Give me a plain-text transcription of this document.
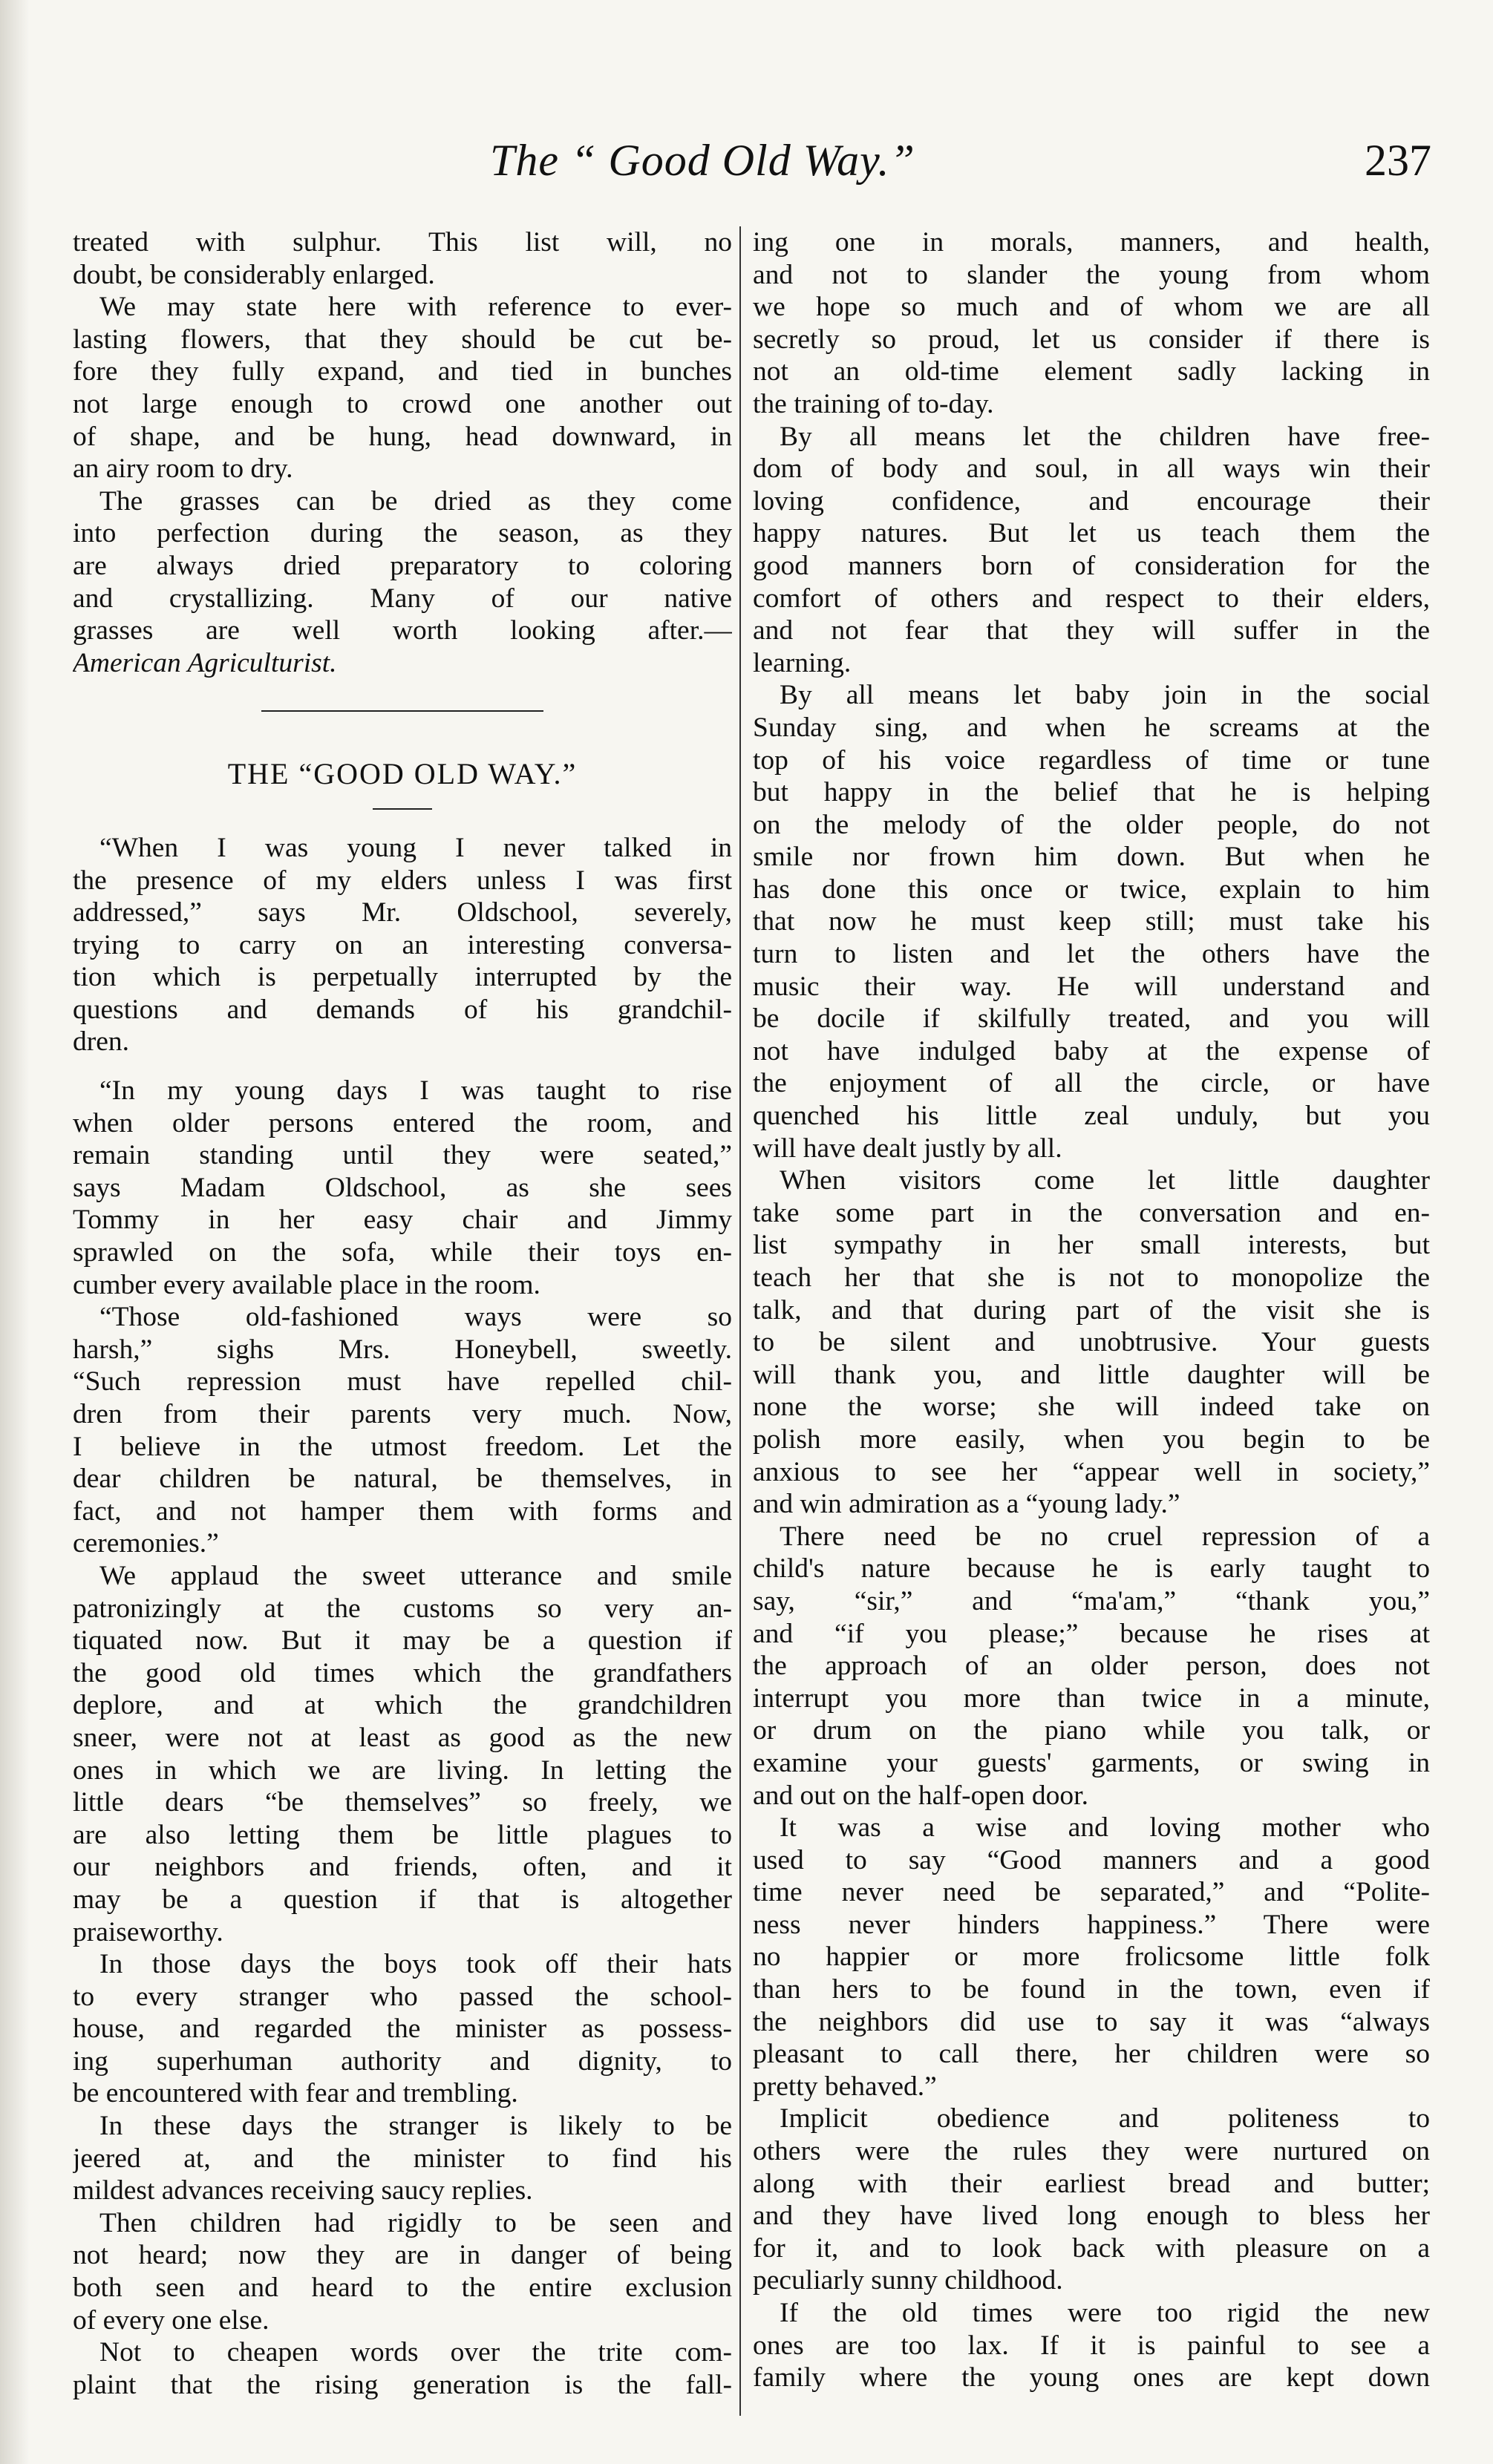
The “ Good Old Way.”	237
treated with sulphur. This list will, no
doubt, be considerably enlarged.
We may state here with reference to ever-
lasting flowers, that they should be cut be-
fore they fully expand, and tied in bunches
not large enough to crowd one another out
of shape, and be hung, head downward, in
an airy room to dry.
The grasses can be dried as they come
into perfection during the season, as they
are always dried preparatory to coloring
and crystallizing. Many of our native
grasses are well worth looking after.—
American Agriculturist.
THE “GOOD OLD WAY.”
“When I was young I never talked in
the presence of my elders unless I was first
addressed,” says Mr. Oldschool, severely,
trying to carry on an interesting conversa-
tion which is perpetually interrupted by the
questions and demands of his grandchil-
dren.
“In my young days I was taught to rise
when older persons entered the room, and
remain standing until they were seated,”
says Madam Oldschool, as she sees
Tommy in her easy chair and Jimmy
sprawled on the sofa, while their toys en-
cumber every available place in the room.
“Those old-fashioned ways were so
harsh,” sighs Mrs. Honeybell, sweetly.
“Such repression must have repelled chil-
dren from their parents very much. Now,
I believe in the utmost freedom. Let the
dear children be natural, be themselves, in
fact, and not hamper them with forms and
ceremonies.”
We applaud the sweet utterance and smile
patronizingly at the customs so very an-
tiquated now. But it may be a question if
the good old times which the grandfathers
deplore, and at which the grandchildren
sneer, were not at least as good as the new
ones in which we are living. In letting the
little dears “be themselves” so freely, we
are also letting them be little plagues to
our neighbors and friends, often, and it
may be a question if that is altogether
praiseworthy.
In those days the boys took off their hats
to every stranger who passed the school-
house, and regarded the minister as possess-
ing superhuman authority and dignity, to
be encountered with fear and trembling.
In these days the stranger is likely to be
jeered at, and the minister to find his
mildest advances receiving saucy replies.
Then children had rigidly to be seen and
not heard; now they are in danger of being
both seen and heard to the entire exclusion
of every one else.
Not to cheapen words over the trite com-
plaint that the rising generation is the fall-
ing one in morals, manners, and health,
and not to slander the young from whom
we hope so much and of whom we are all
secretly so proud, let us consider if there is
not an old-time element sadly lacking in
the training of to-day.
By all means let the children have free-
dom of body and soul, in all ways win their
loving confidence, and encourage their
happy natures. But let us teach them the
good manners born of consideration for the
comfort of others and respect to their elders,
and not fear that they will suffer in the
learning.
By all means let baby join in the social
Sunday sing, and when he screams at the
top of his voice regardless of time or tune
but happy in the belief that he is helping
on the melody of the older people, do not
smile nor frown him down. But when he
has done this once or twice, explain to him
that now he must keep still; must take his
turn to listen and let the others have the
music their way. He will understand and
be docile if skilfully treated, and you will
not have indulged baby at the expense of
the enjoyment of all the circle, or have
quenched his little zeal unduly, but you
will have dealt justly by all.
When visitors come let little daughter
take some part in the conversation and en-
list sympathy in her small interests, but
teach her that she is not to monopolize the
talk, and that during part of the visit she is
to be silent and unobtrusive. Your guests
will thank you, and little daughter will be
none the worse; she will indeed take on
polish more easily, when you begin to be
anxious to see her “appear well in society,”
and win admiration as a “young lady.”
There need be no cruel repression of a
child's nature because he is early taught to
say, “sir,” and “ma'am,” “thank you,”
and “if you please;” because he rises at
the approach of an older person, does not
interrupt you more than twice in a minute,
or drum on the piano while you talk, or
examine your guests' garments, or swing in
and out on the half-open door.
It was a wise and loving mother who
used to say “Good manners and a good
time never need be separated,” and “Polite-
ness never hinders happiness.” There were
no happier or more frolicsome little folk
than hers to be found in the town, even if
the neighbors did use to say it was “always
pleasant to call there, her children were so
pretty behaved.”
Implicit obedience and politeness to
others were the rules they were nurtured on
along with their earliest bread and butter;
and they have lived long enough to bless her
for it, and to look back with pleasure on a
peculiarly sunny childhood.
If the old times were too rigid the new
ones are too lax. If it is painful to see a
family where the young ones are kept down
